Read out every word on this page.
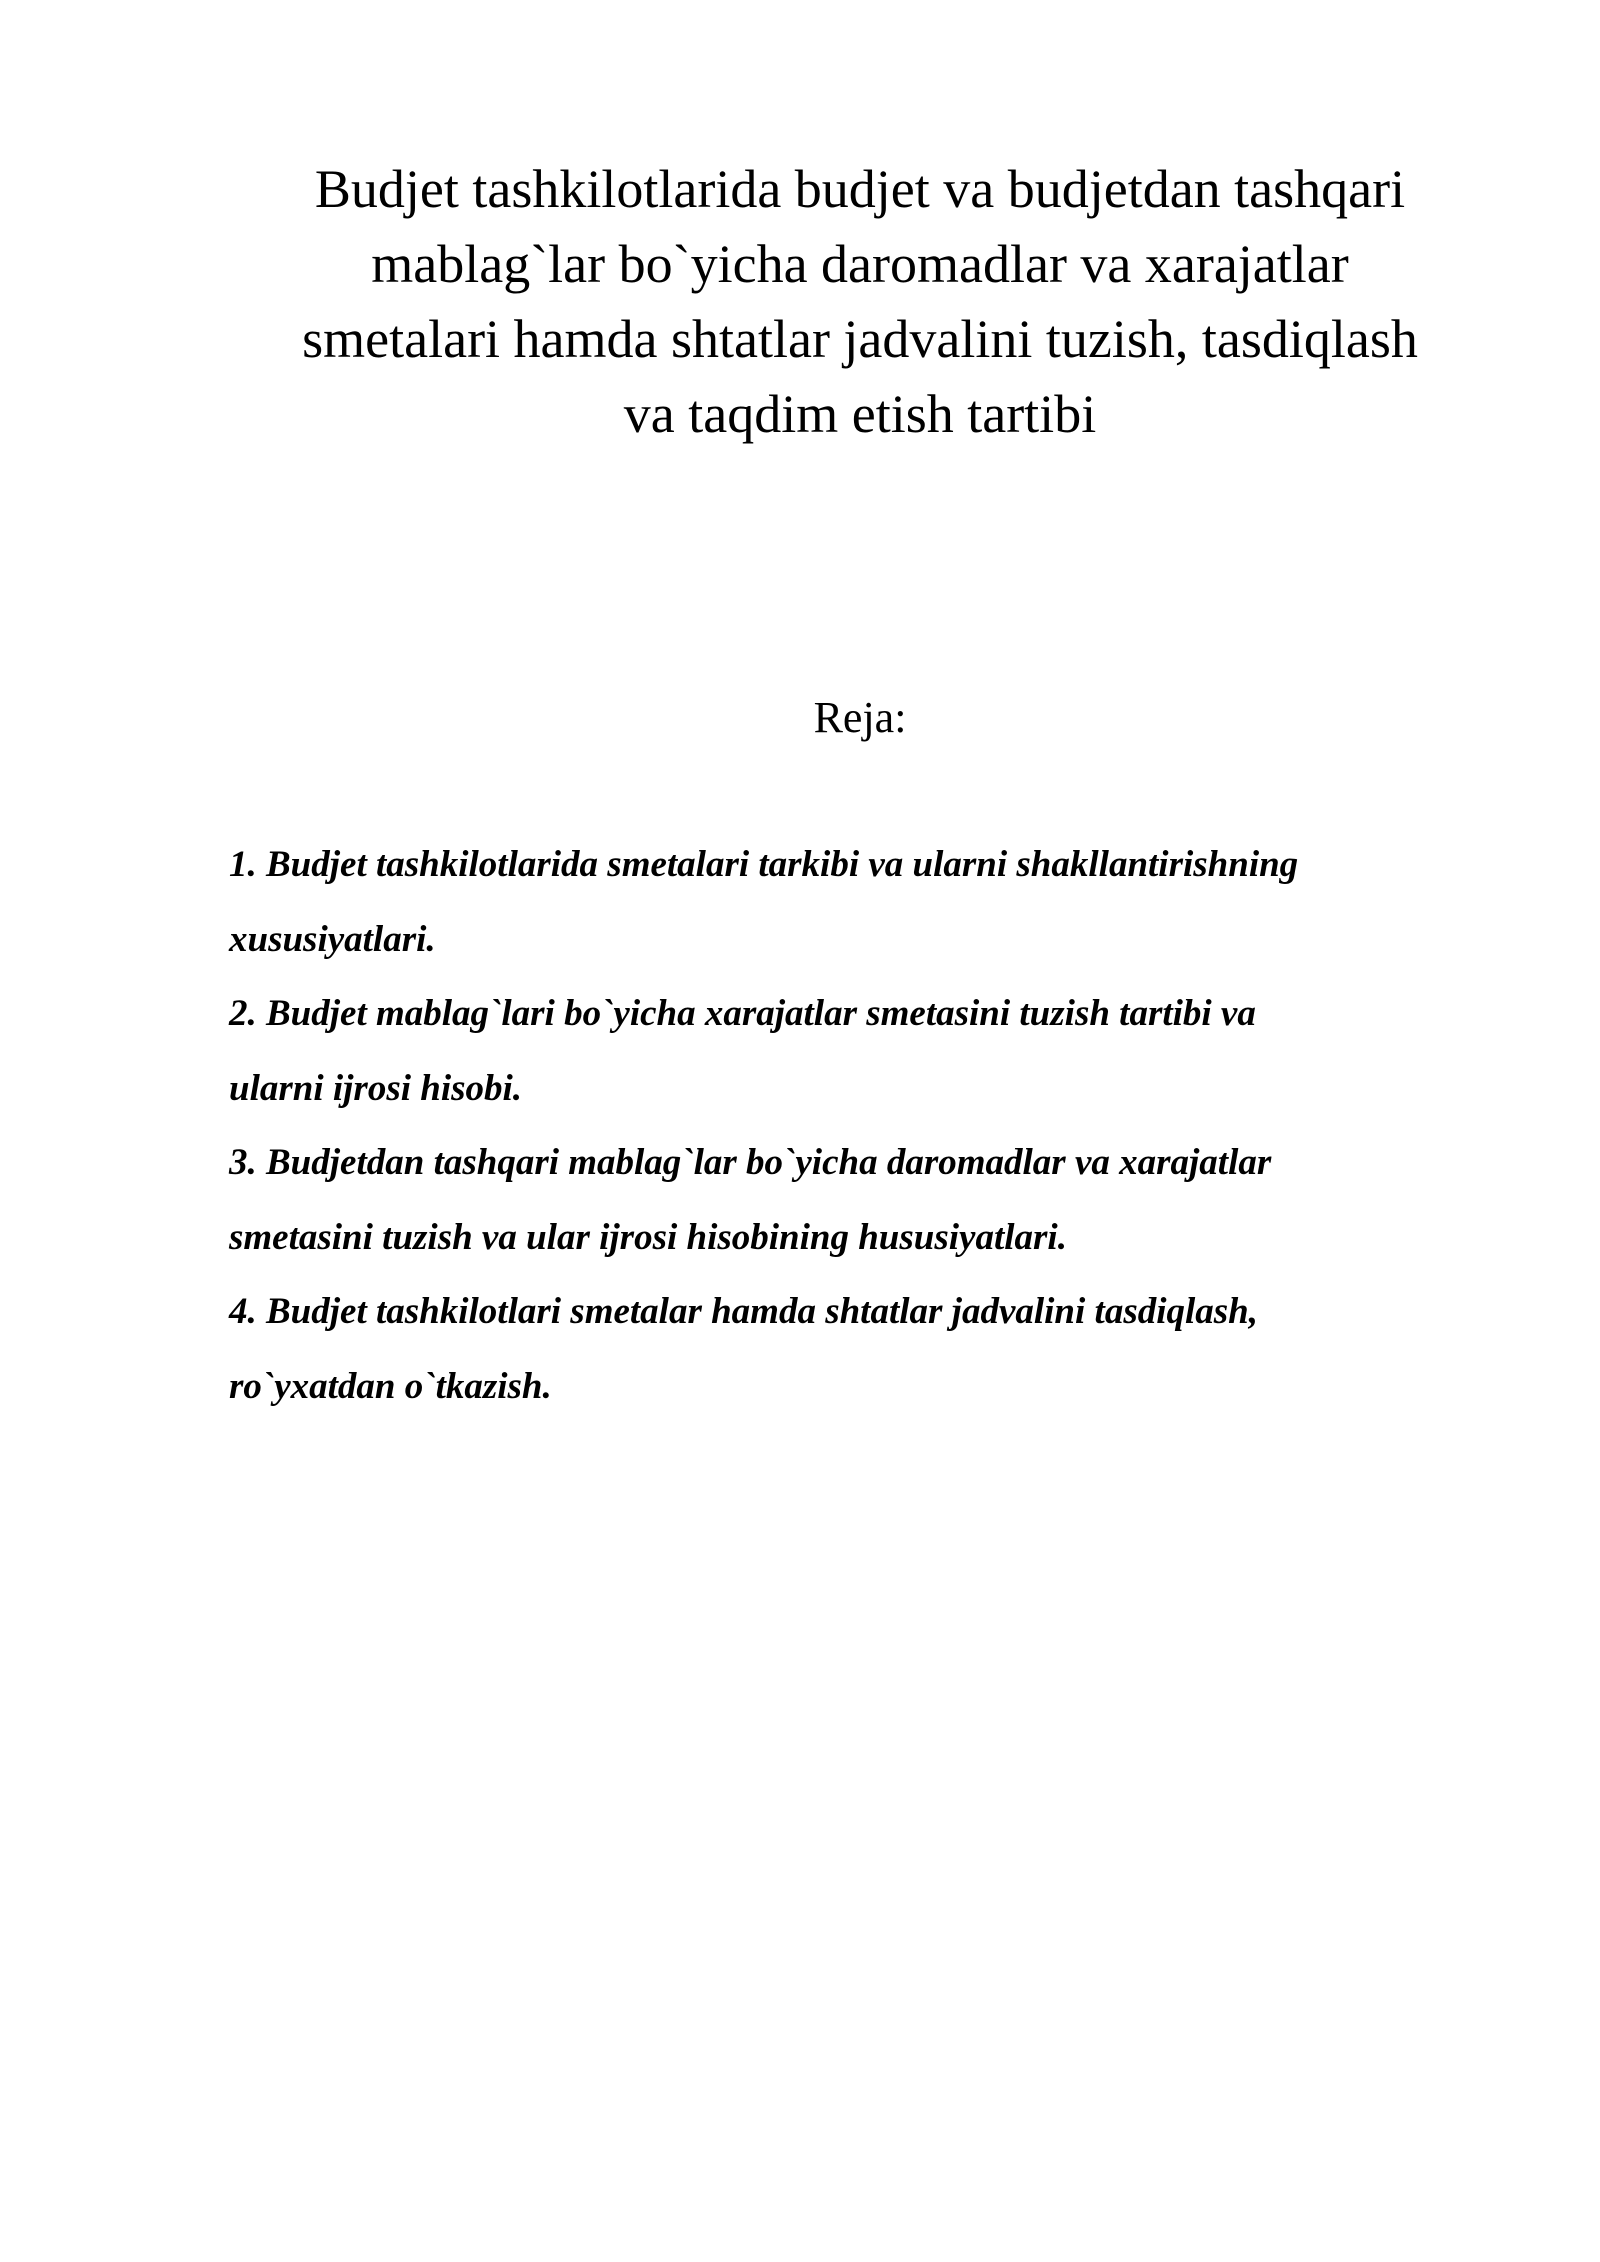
Budjet tashkilotlarida budjet va budjetdan tashqari
mablag`lar bo`yicha daromadlar va xarajatlar
smetalari hamda shtatlar jadvalini tuzish, tasdiqlash
va taqdim etish tartibi
Reja:
1. Budjet tashkilotlarida smetalari tarkibi va ularni shakllantirishning
xususiyatlari.
2. Budjet mablag`lari bo`yicha xarajatlar smetasini tuzish tartibi va
ularni ijrosi hisobi.
3. Budjetdan tashqari mablag`lar bo`yicha daromadlar va xarajatlar
smetasini tuzish va ular ijrosi hisobining hususiyatlari.
4. Budjet tashkilotlari smetalar hamda shtatlar jadvalini tasdiqlash,
ro`yxatdan o`tkazish.
